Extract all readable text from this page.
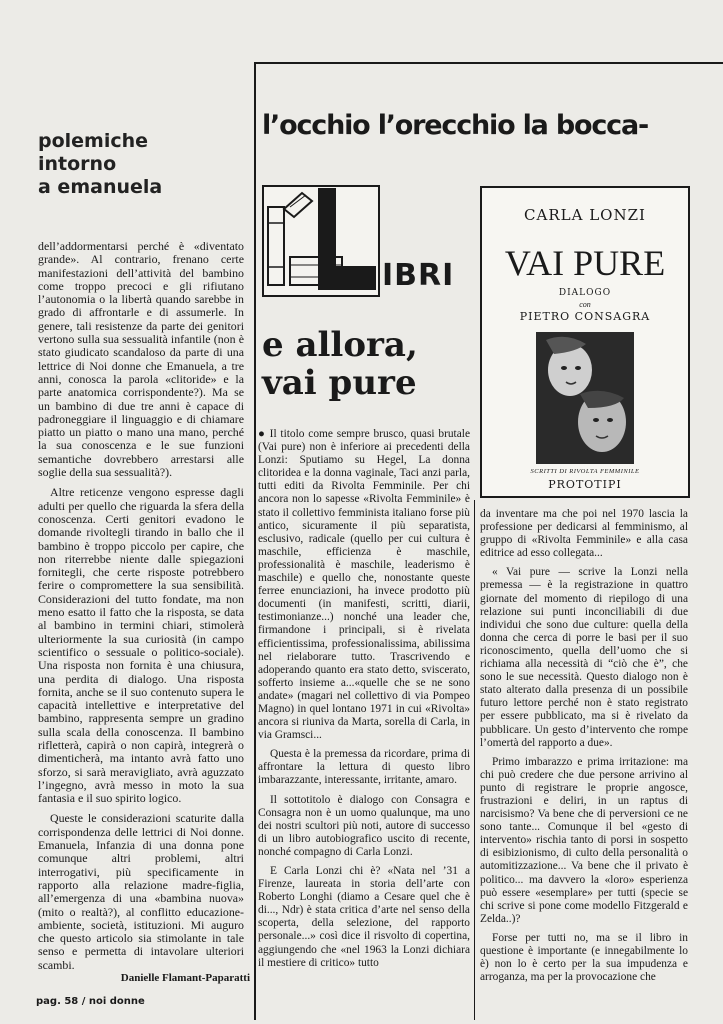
polemiche
intorno
a emanuela

dell’addormentarsi perché è «diventato grande». Al contrario, frenano certe manifestazioni dell’attività del bambino come troppo precoci e gli rifiutano l’autonomia o la libertà quando sarebbe in grado di affrontarle e di assumerle. In genere, tali resistenze da parte dei genitori vertono sulla sua sessualità infantile (non è stato giudicato scandaloso da parte di una lettrice di Noi donne che Emanuela, a tre anni, conosca la parola «clitoride» e la parte anatomica corrispondente?). Ma se un bambino di due tre anni è capace di padroneggiare il linguaggio e di chiamare piatto un piatto o mano una mano, perché la sua conoscenza e le sue funzioni semantiche dovrebbero arrestarsi alle soglie della sua sessualità?).

Altre reticenze vengono espresse dagli adulti per quello che riguarda la sfera della conoscenza. Certi genitori evadono le domande rivoltegli tirando in ballo che il bambino è troppo piccolo per capire, che non riterrebbe niente dalle spiegazioni fornitegli, che certe risposte potrebbero ferire o compromettere la sua sensibilità. Considerazioni del tutto fondate, ma non meno esatto il fatto che la risposta, se data al bambino in termini chiari, stimolerà ulteriormente la sua curiosità (in campo scientifico o sessuale o politico-sociale). Una risposta non fornita è una chiusura, una perdita di dialogo. Una risposta fornita, anche se il suo contenuto supera le capacità intellettive e interpretative del bambino, rappresenta sempre un gradino sulla scala della conoscenza. Il bambino rifletterà, capirà o non capirà, integrerà o dimenticherà, ma intanto avrà fatto uno sforzo, si sarà meravigliato, avrà aguzzato l’ingegno, avrà messo in moto la sua fantasia e il suo spirito logico.

Queste le considerazioni scaturite dalla corrispondenza delle lettrici di Noi donne. Emanuela, Infanzia di una donna pone comunque altri problemi, altri interrogativi, più specificamente in rapporto alla relazione madre-figlia, all’emergenza di una «bambina nuova» (mito o realtà?), al conflitto educazione-ambiente, società, istituzioni. Mi auguro che questo articolo sia stimolante in tale senso e permetta di intavolare ulteriori scambi.

Danielle Flamant-Paparatti
pag. 58 / noi donne
l’occhio l’orecchio la bocca-
IBRI
e allora,
vai pure

● Il titolo come sempre brusco, quasi brutale (Vai pure) non è inferiore ai precedenti della Lonzi: Sputiamo su Hegel, La donna clitoridea e la donna vaginale, Taci anzi parla, tutti editi da Rivolta Femminile. Per chi ancora non lo sapesse «Rivolta Femminile» è stato il collettivo femminista italiano forse più antico, sicuramente il più separatista, esclusivo, radicale (quello per cui cultura è maschile, efficienza è maschile, professionalità è maschile, leaderismo è maschile) e quello che, nonostante queste ferree enunciazioni, ha invece prodotto più documenti (in manifesti, scritti, diarii, testimonianze...) nonché una leader che, firmandone i principali, si è rivelata efficientissima, professionalissima, abilissima nel rielaborare tutto. Trascrivendo e adoperando quanto era stato detto, sviscerato, sofferto insieme a...«quelle che se ne sono andate» (magari nel collettivo di via Pompeo Magno) in quel lontano 1971 in cui «Rivolta» ancora si riuniva da Marta, sorella di Carla, in via Gramsci...

Questa è la premessa da ricordare, prima di affrontare la lettura di questo libro imbarazzante, interessante, irritante, amaro.

Il sottotitolo è dialogo con Consagra e Consagra non è un uomo qualunque, ma uno dei nostri scultori più noti, autore di successo di un libro autobiografico uscito di recente, nonché compagno di Carla Lonzi.

E Carla Lonzi chi è? «Nata nel ’31 a Firenze, laureata in storia dell’arte con Roberto Longhi (diamo a Cesare quel che è di..., Ndr) è stata critica d’arte nel senso della scoperta, della selezione, del rapporto personale...» così dice il risvolto di copertina, aggiungendo che «nel 1963 la Lonzi dichiara il mestiere di critico» tutto

CARLA LONZI
VAI PURE
DIALOGO
con
PIETRO CONSAGRA
SCRITTI DI RIVOLTA FEMMINILE
PROTOTIPI

da inventare ma che poi nel 1970 lascia la professione per dedicarsi al femminismo, al gruppo di «Rivolta Femminile» e alla casa editrice ad esso collegata...

« Vai pure — scrive la Lonzi nella premessa — è la registrazione in quattro giornate del momento di riepilogo di una relazione sui punti inconciliabili di due individui che sono due culture: quella della donna che cerca di porre le basi per il suo riconoscimento, quella dell’uomo che si richiama alla necessità di “ciò che è”, che sono le sue necessità. Questo dialogo non è stato alterato dalla presenza di un possibile futuro lettore perché non è stato registrato per essere pubblicato, ma si è rivelato da pubblicare. Un gesto d’intervento che rompe l’omertà del rapporto a due».

Primo imbarazzo e prima irritazione: ma chi può credere che due persone arrivino al punto di registrare le proprie angosce, frustrazioni e deliri, in un raptus di narcisismo? Va bene che di perversioni ce ne sono tante... Comunque il bel «gesto di intervento» rischia tanto di porsi in sospetto di esibizionismo, di culto della personalità o automitizzazione... Va bene che il privato è politico... ma davvero la «loro» esperienza può essere «esemplare» per tutti (specie se chi scrive si pone come modello Fitzgerald e Zelda..)?

Forse per tutti no, ma se il libro in questione è importante (e innegabilmente lo è) non lo è certo per la sua impudenza e arroganza, ma per la provocazione che
